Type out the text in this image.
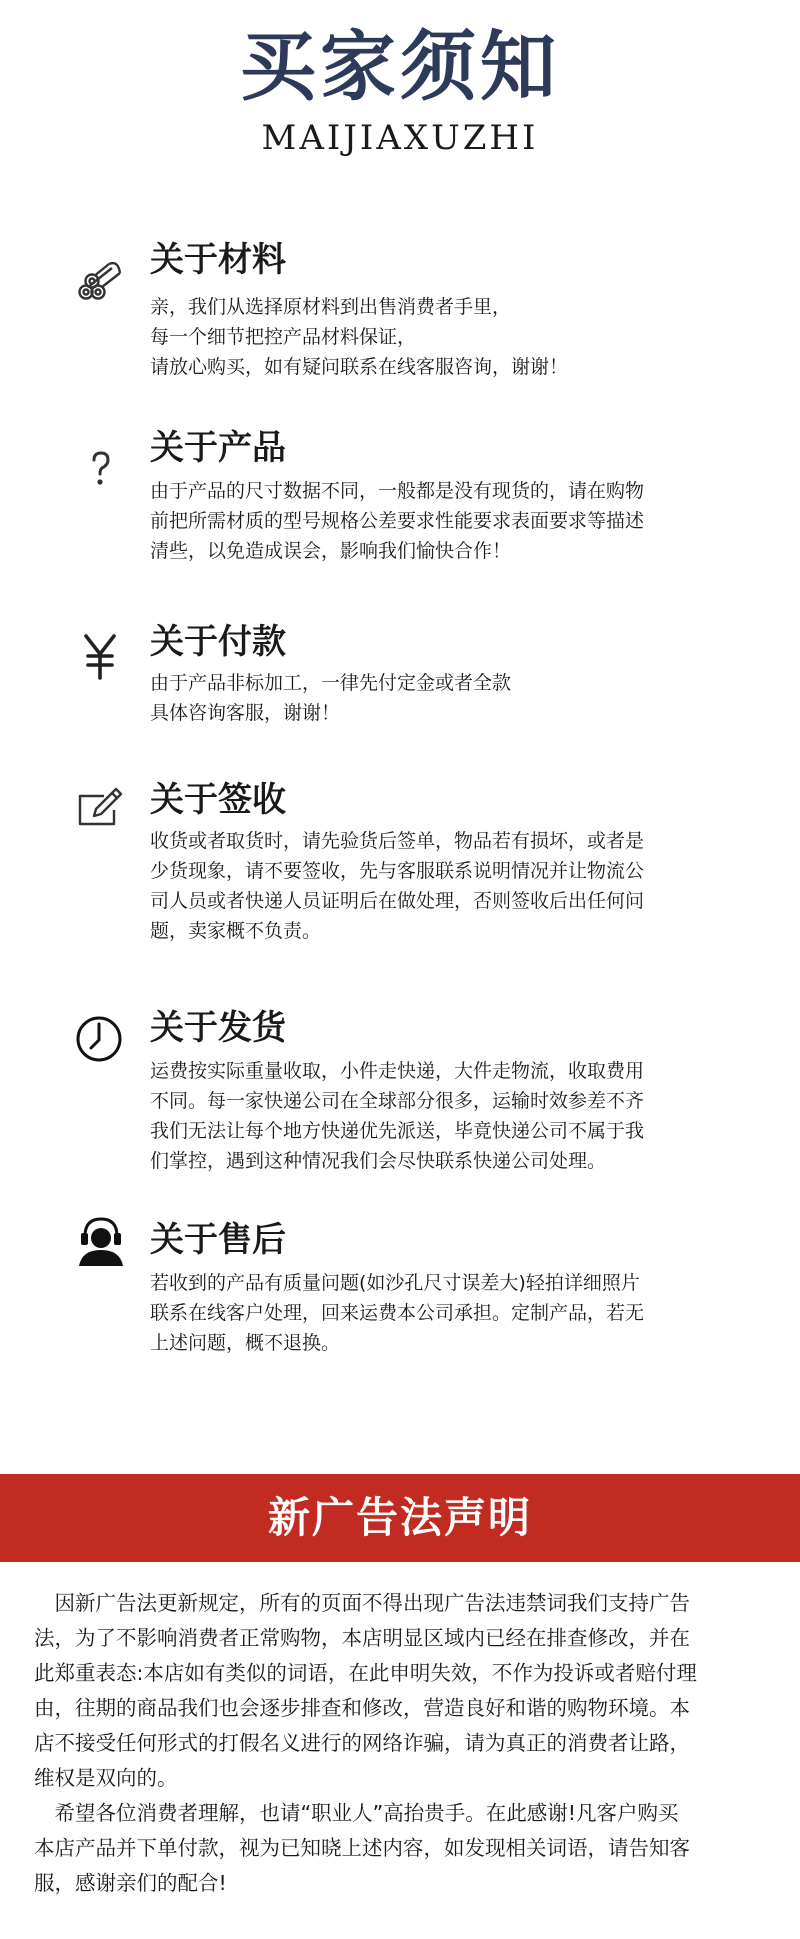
买家须知
MAIJIAXUZHI
关于材料
亲，我们从选择原材料到出售消费者手里，
每一个细节把控产品材料保证，
请放心购买，如有疑问联系在线客服咨询，谢谢！
关于产品
由于产品的尺寸数据不同，一般都是没有现货的，请在购物
前把所需材质的型号规格公差要求性能要求表面要求等描述
清些，以免造成误会，影响我们愉快合作！
关于付款
由于产品非标加工，一律先付定金或者全款
具体咨询客服，谢谢！
关于签收
收货或者取货时，请先验货后签单，物品若有损坏，或者是
少货现象，请不要签收，先与客服联系说明情况并让物流公
司人员或者快递人员证明后在做处理，否则签收后出任何问
题，卖家概不负责。
关于发货
运费按实际重量收取，小件走快递，大件走物流，收取费用
不同。每一家快递公司在全球部分很多，运输时效参差不齐
我们无法让每个地方快递优先派送，毕竟快递公司不属于我
们掌控，遇到这种情况我们会尽快联系快递公司处理。
关于售后
若收到的产品有质量问题(如沙孔尺寸误差大)轻拍详细照片
联系在线客户处理，回来运费本公司承担。定制产品，若无
上述问题，概不退换。
新广告法声明
　因新广告法更新规定，所有的页面不得出现广告法违禁词我们支持广告
法，为了不影响消费者正常购物，本店明显区域内已经在排查修改，并在
此郑重表态:本店如有类似的词语，在此申明失效，不作为投诉或者赔付理
由，往期的商品我们也会逐步排查和修改，营造良好和谐的购物环境。本
店不接受任何形式的打假名义进行的网络诈骗，请为真正的消费者让路，
维权是双向的。
　希望各位消费者理解，也请“职业人”高抬贵手。在此感谢!凡客户购买
本店产品并下单付款，视为已知晓上述内容，如发现相关词语，请告知客
服，感谢亲们的配合!
